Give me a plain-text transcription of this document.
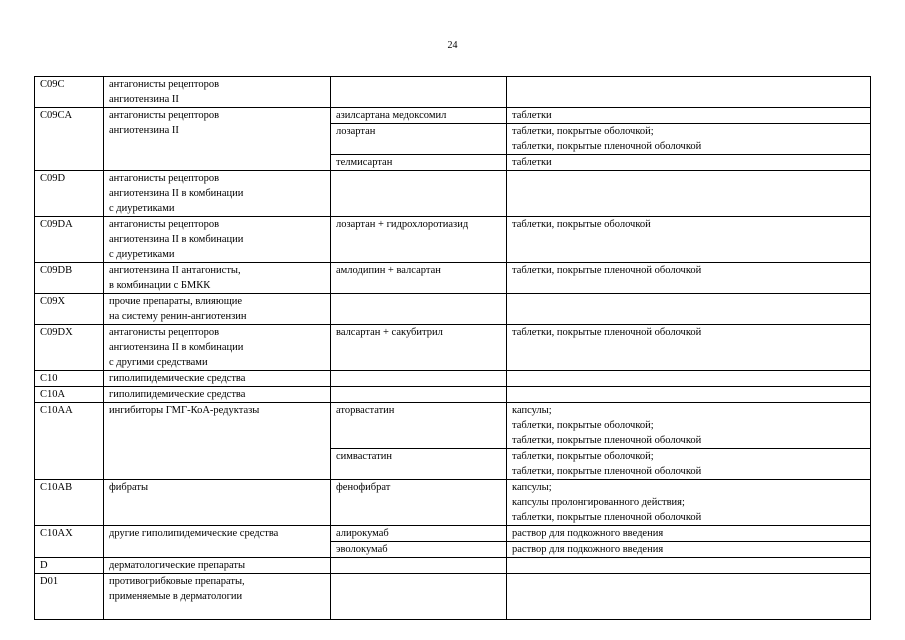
24
C09C	антагонисты рецепторов
ангиотензина II		
C09CA	антагонисты рецепторов
ангиотензина II	азилсартана медоксомил	таблетки
		лозартан	таблетки, покрытые оболочкой;
таблетки, покрытые пленочной оболочкой
		телмисартан	таблетки
C09D	антагонисты рецепторов
ангиотензина II в комбинации
с диуретиками		
C09DA	антагонисты рецепторов
ангиотензина II в комбинации
с диуретиками	лозартан + гидрохлоротиазид	таблетки, покрытые оболочкой
C09DB	ангиотензина II антагонисты,
в комбинации с БМКК	амлодипин + валсартан	таблетки, покрытые пленочной оболочкой
C09X	прочие препараты, влияющие
на систему ренин-ангиотензин		
C09DX	антагонисты рецепторов
ангиотензина II в комбинации
с другими средствами	валсартан + сакубитрил	таблетки, покрытые пленочной оболочкой
C10	гиполипидемические средства		
C10A	гиполипидемические средства		
C10AA	ингибиторы ГМГ-КоА-редуктазы	аторвастатин	капсулы;
таблетки, покрытые оболочкой;
таблетки, покрытые пленочной оболочкой
		симвастатин	таблетки, покрытые оболочкой;
таблетки, покрытые пленочной оболочкой
C10AB	фибраты	фенофибрат	капсулы;
капсулы пролонгированного действия;
таблетки, покрытые пленочной оболочкой
C10AX	другие гиполипидемические средства	алирокумаб	раствор для подкожного введения
		эволокумаб	раствор для подкожного введения
D	дерматологические препараты		
D01	противогрибковые препараты,
применяемые в дерматологии		
